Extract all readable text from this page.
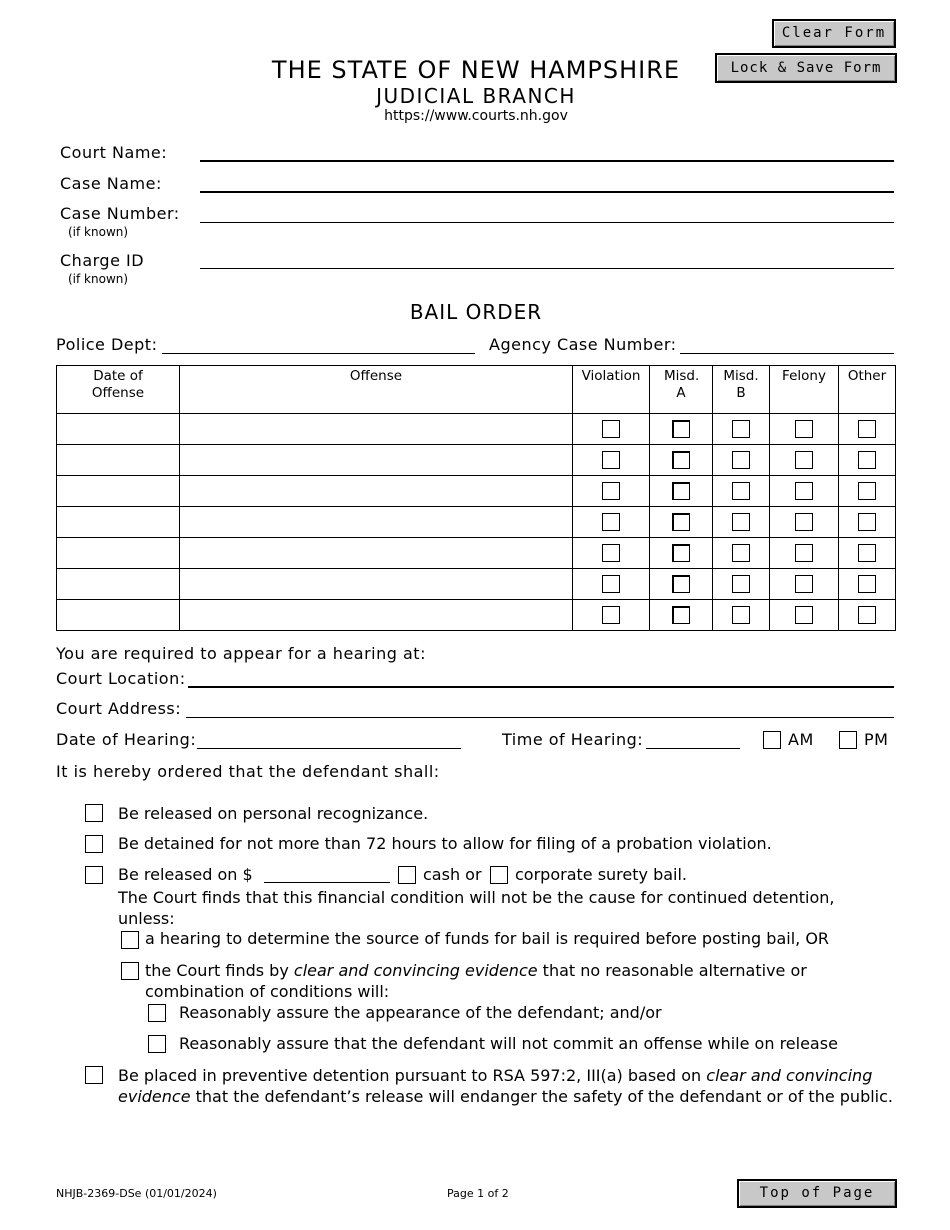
Clear Form
Lock & Save Form
THE STATE OF NEW HAMPSHIRE
JUDICIAL BRANCH
https://www.courts.nh.gov
Court Name:
Case Name:
Case Number:
(if known)
Charge ID
(if known)
BAIL ORDER
Police Dept:	Agency Case Number:
Date of Offense	Offense	Violation	Misd. A	Misd. B	Felony	Other

You are required to appear for a hearing at:
Court Location:
Court Address:
Date of Hearing:	Time of Hearing:	AM	PM
It is hereby ordered that the defendant shall:
Be released on personal recognizance.
Be detained for not more than 72 hours to allow for filing of a probation violation.
Be released on $	cash or corporate surety bail.
The Court finds that this financial condition will not be the cause for continued detention, unless:
a hearing to determine the source of funds for bail is required before posting bail, OR
the Court finds by clear and convincing evidence that no reasonable alternative or combination of conditions will:
Reasonably assure the appearance of the defendant; and/or
Reasonably assure that the defendant will not commit an offense while on release
Be placed in preventive detention pursuant to RSA 597:2, III(a) based on clear and convincing evidence that the defendant’s release will endanger the safety of the defendant or of the public.
NHJB-2369-DSe (01/01/2024)	Page 1 of 2	Top of Page
